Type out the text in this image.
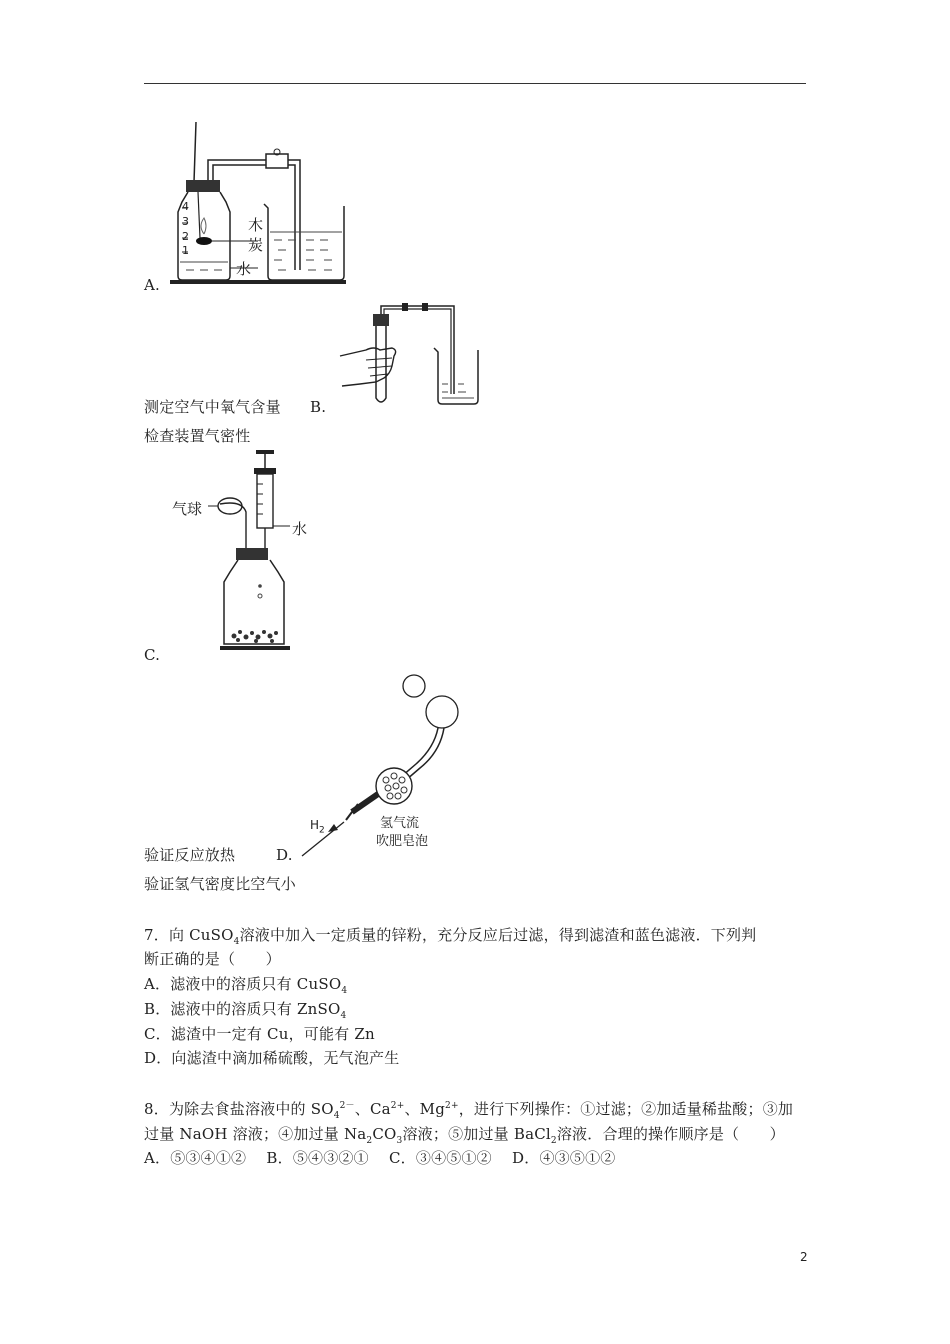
4
3
2
1
木
炭
水
A.
测定空气中氧气含量 B.
检查装置气密性
气球
水
C.
$H_2$	氢气流
吹肥皂泡
验证反应放热	D.
验证氢气密度比空气小
7．向 CuSO$_4$溶液中加入一定质量的锌粉，充分反应后过滤，得到滤渣和蓝色滤液．下列判
断正确的是（　　）
A．滤液中的溶质只有 CuSO$_4$
B．滤液中的溶质只有 ZnSO$_4$
C．滤渣中一定有 Cu，可能有 Zn
D．向滤渣中滴加稀硫酸，无气泡产生
8．为除去食盐溶液中的 $SO_4^{2-}$、$Ca^{2+}$、$Mg^{2+}$，进行下列操作：①过滤；②加适量稀盐酸；③加
过量 NaOH 溶液；④加过量 $Na_2CO_3$溶液；⑤加过量 BaCl$_2$溶液．合理的操作顺序是（　　）
A．⑤③④①②　 B．⑤④③②①　 C．③④⑤①②　 D．④③⑤①②
2
